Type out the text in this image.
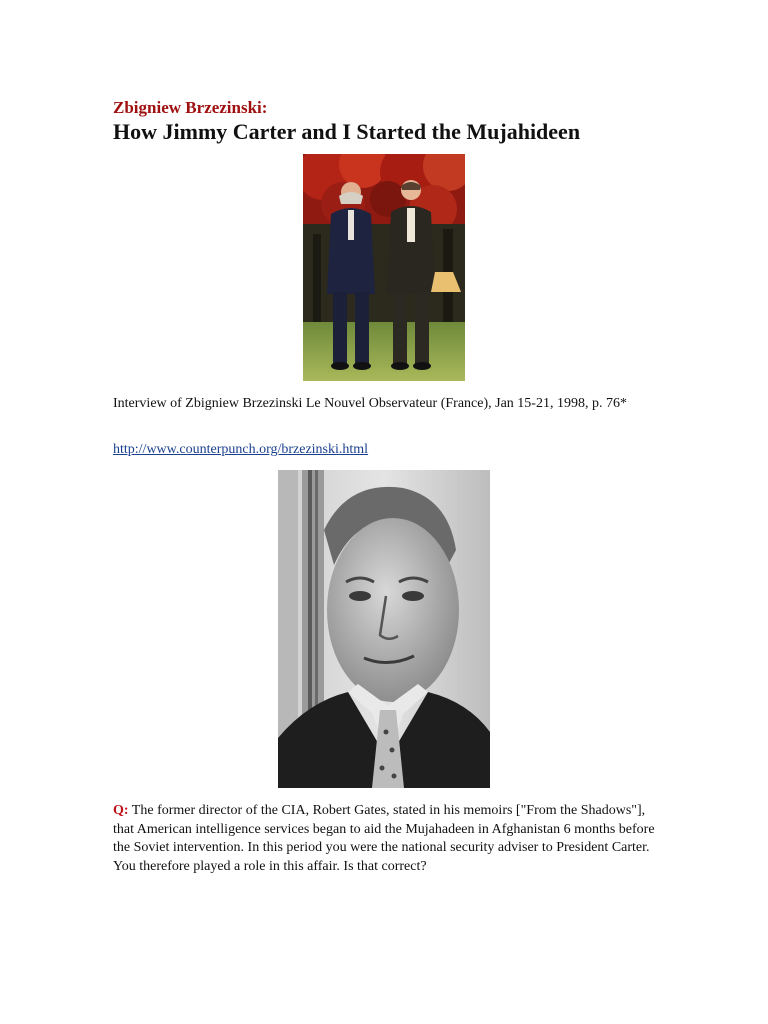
Zbigniew Brzezinski:
How Jimmy Carter and I Started the Mujahideen
Interview of Zbigniew Brzezinski Le Nouvel Observateur (France), Jan 15-21, 1998, p. 76*
http://www.counterpunch.org/brzezinski.html
Q: The former director of the CIA, Robert Gates, stated in his memoirs ["From the Shadows"], that American intelligence services began to aid the Mujahadeen in Afghanistan 6 months before the Soviet intervention. In this period you were the national security adviser to President Carter. You therefore played a role in this affair. Is that correct?
